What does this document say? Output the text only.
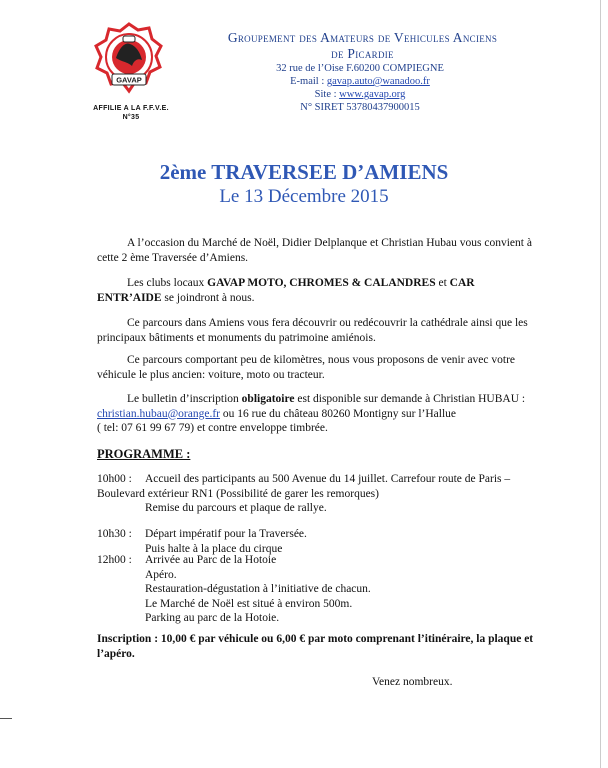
GAVAP
AFFILIE A LA F.F.V.E.
N°35
Groupement des Amateurs de Vehicules Anciens
de Picardie
32 rue de l’Oise F.60200 COMPIEGNE
E-mail : gavap.auto@wanadoo.fr
Site : www.gavap.org
N° SIRET 53780437900015
2ème TRAVERSEE D’AMIENS
Le 13 Décembre 2015
A l’occasion du Marché de Noël, Didier Delplanque et Christian Hubau vous convient à cette 2 ème Traversée d’Amiens.
Les clubs locaux GAVAP MOTO, CHROMES & CALANDRES et CAR ENTR’AIDE se joindront à nous.
Ce parcours dans Amiens vous fera découvrir ou redécouvrir la cathédrale ainsi que les principaux bâtiments et monuments du patrimoine amiénois.
Ce parcours comportant peu de kilomètres, nous vous proposons de venir avec votre véhicule le plus ancien: voiture, moto ou tracteur.
Le bulletin d’inscription obligatoire est disponible sur demande à Christian HUBAU :
christian.hubau@orange.fr ou 16 rue du château 80260 Montigny sur l’Hallue
( tel: 07 61 99 67 79) et contre enveloppe timbrée.
PROGRAMME :
10h00 : Accueil des participants au 500 Avenue du 14 juillet. Carrefour route de Paris –
Boulevard extérieur RN1 (Possibilité de garer les remorques)

Remise du parcours et plaque de rallye.
10h30 : Départ impératif pour la Traversée.
Puis halte à la place du cirque
12h00 : Arrivée au Parc de la Hotoie
Apéro.
Restauration-dégustation à l’initiative de chacun.
Le Marché de Noël est situé à environ 500m.
Parking au parc de la Hotoie.
Inscription : 10,00 € par véhicule ou 6,00 € par moto comprenant l’itinéraire, la plaque et l’apéro.
Venez nombreux.
